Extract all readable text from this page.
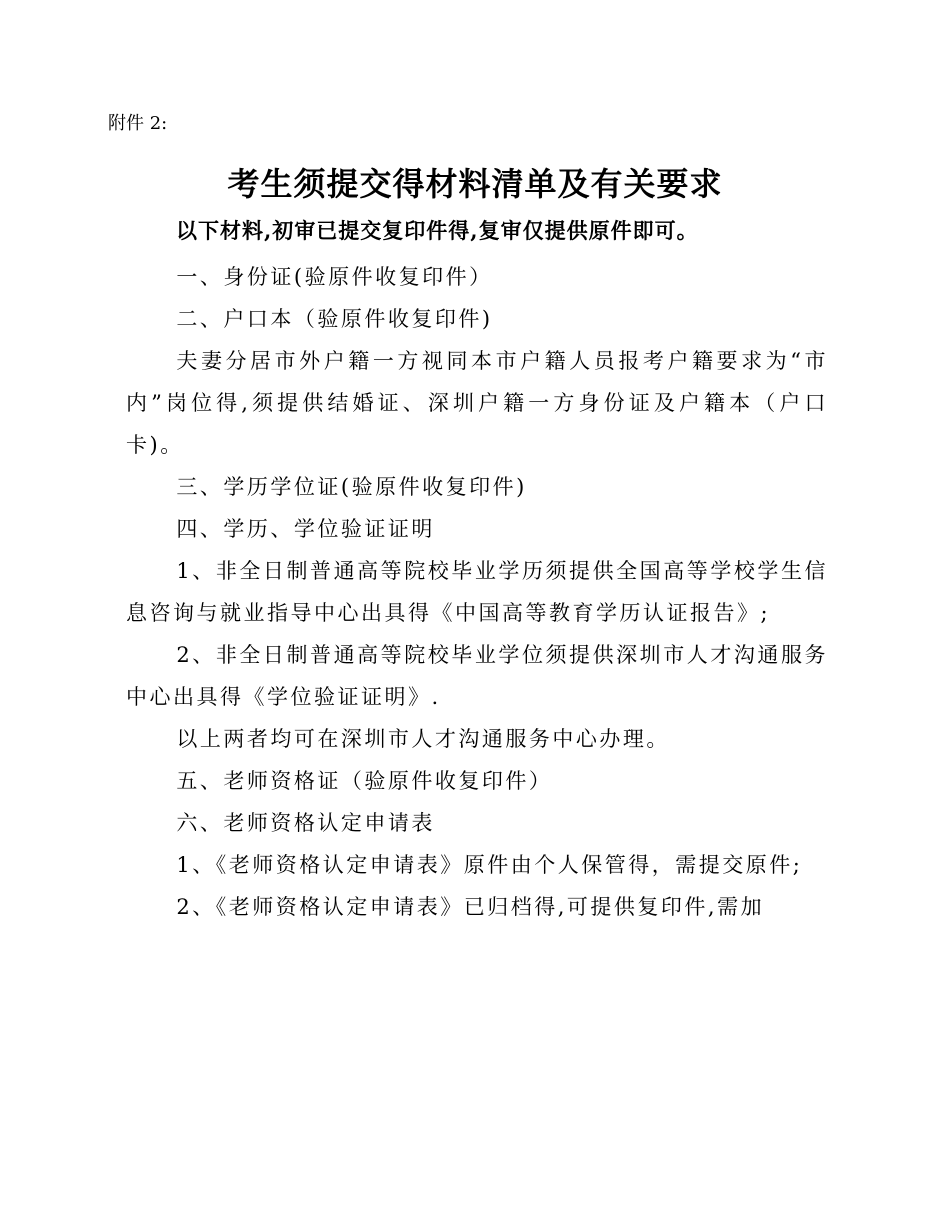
附件 2:
考生须提交得材料清单及有关要求
以下材料,初审已提交复印件得,复审仅提供原件即可。

一、身份证(验原件收复印件）

二、户口本（验原件收复印件)

夫妻分居市外户籍一方视同本市户籍人员报考户籍要求为“市内”岗位得,须提供结婚证、深圳户籍一方身份证及户籍本（户口卡)。

三、学历学位证(验原件收复印件)

四、学历、学位验证证明

1、非全日制普通高等院校毕业学历须提供全国高等学校学生信息咨询与就业指导中心出具得《中国高等教育学历认证报告》;

2、非全日制普通高等院校毕业学位须提供深圳市人才沟通服务中心出具得《学位验证证明》.

以上两者均可在深圳市人才沟通服务中心办理。

五、老师资格证（验原件收复印件）

六、老师资格认定申请表

1、《老师资格认定申请表》原件由个人保管得，需提交原件;

2、《老师资格认定申请表》已归档得,可提供复印件,需加
